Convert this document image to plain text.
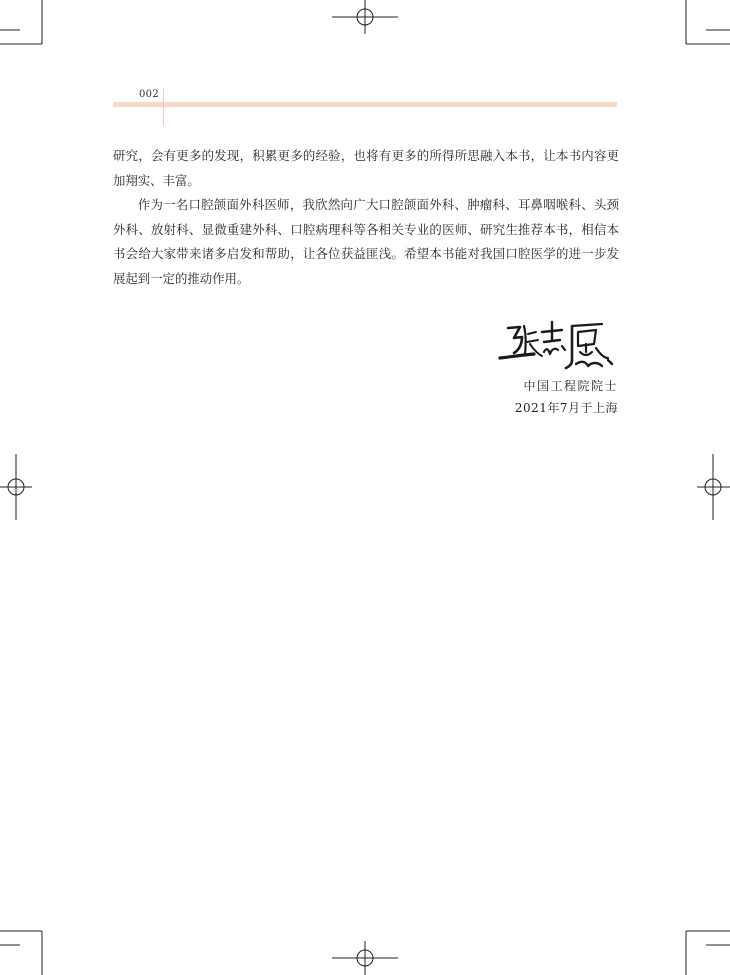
002

研究，会有更多的发现，积累更多的经验，也将有更多的所得所思融入本书，让本书内容更加翔实、丰富。

作为一名口腔颌面外科医师，我欣然向广大口腔颌面外科、肿瘤科、耳鼻咽喉科、头颈外科、放射科、显微重建外科、口腔病理科等各相关专业的医师、研究生推荐本书，相信本书会给大家带来诸多启发和帮助，让各位获益匪浅。希望本书能对我国口腔医学的进一步发展起到一定的推动作用。

中国工程院院士
2021年7月于上海
